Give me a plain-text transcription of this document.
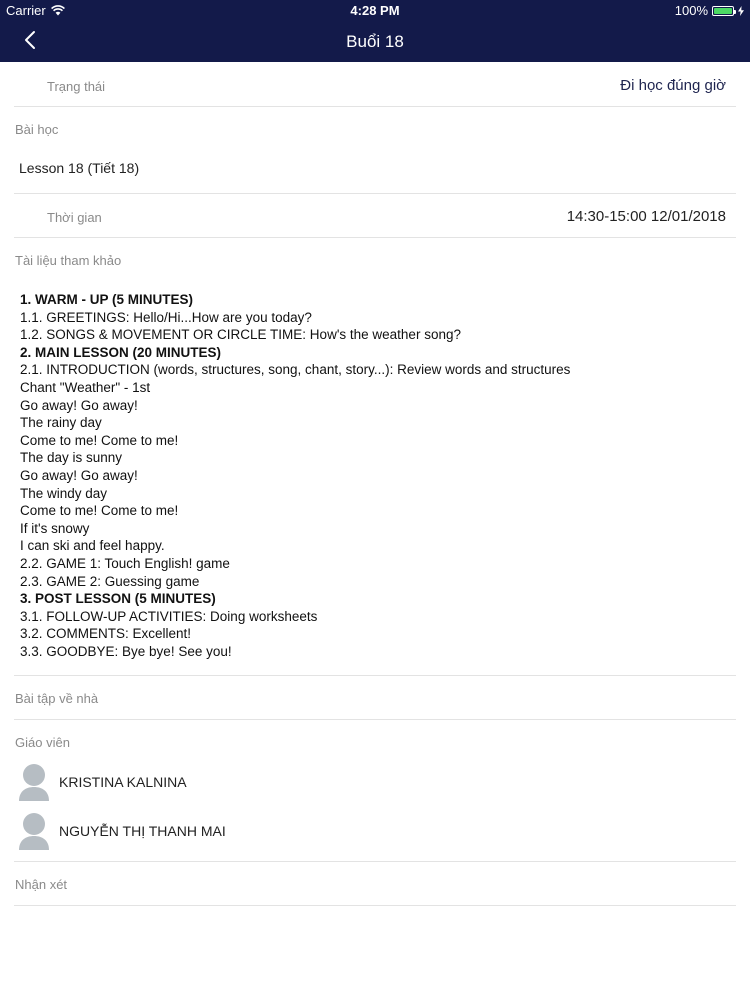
Carrier	4:28 PM	100%
Buổi 18
Trạng thái	Đi học đúng giờ
Bài học
Lesson 18 (Tiết 18)
Thời gian	14:30-15:00 12/01/2018
Tài liệu tham khảo
1. WARM - UP (5 MINUTES)
1.1. GREETINGS: Hello/Hi...How are you today?
1.2. SONGS & MOVEMENT OR CIRCLE TIME: How's the weather song?
2. MAIN LESSON (20 MINUTES)
2.1. INTRODUCTION (words, structures, song, chant, story...): Review words and structures
Chant "Weather" - 1st
Go away! Go away!
The rainy day
Come to me! Come to me!
The day is sunny
Go away! Go away!
The windy day
Come to me! Come to me!
If it's snowy
I can ski and feel happy.
2.2. GAME 1: Touch English! game
2.3. GAME 2: Guessing game
3. POST LESSON (5 MINUTES)
3.1. FOLLOW-UP ACTIVITIES: Doing worksheets
3.2. COMMENTS: Excellent!
3.3. GOODBYE: Bye bye! See you!
Bài tập về nhà
Giáo viên
KRISTINA KALNINA
NGUYỄN THỊ THANH MAI
Nhận xét
